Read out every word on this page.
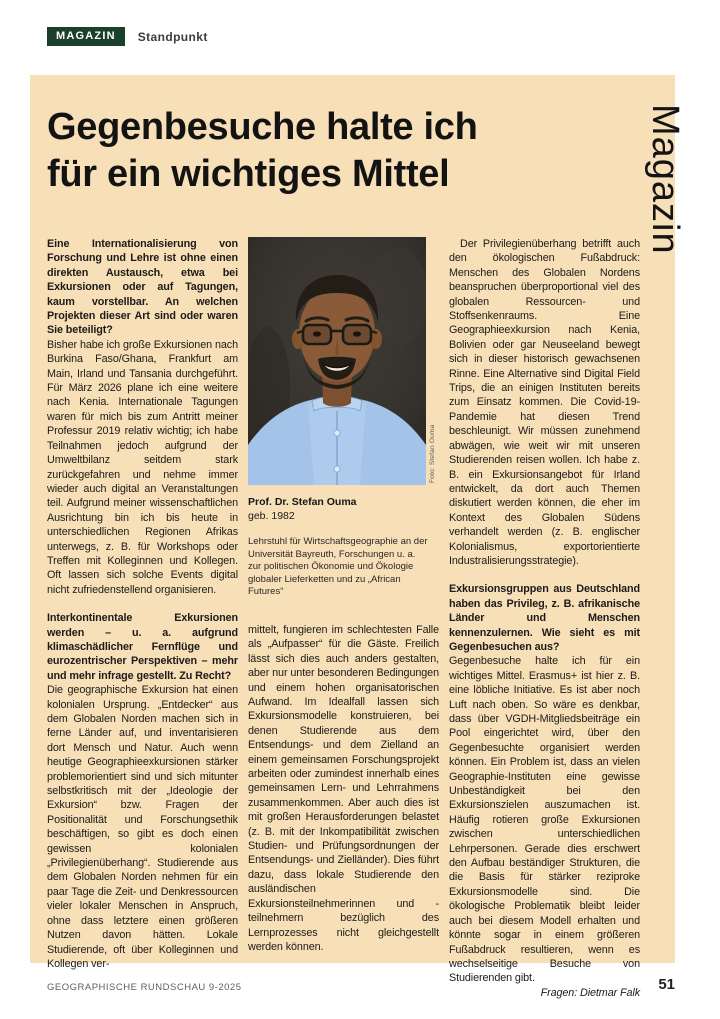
MAGAZIN	Standpunkt
Magazin
Gegenbesuche halte ich
für ein wichtiges Mittel

Eine Internationalisierung von Forschung und Lehre ist ohne einen direkten Austausch, etwa bei Exkursionen oder auf Tagungen, kaum vorstellbar. An welchen Projekten dieser Art sind oder waren Sie beteiligt?

Bisher habe ich große Exkursionen nach Burkina Faso/Ghana, Frankfurt am Main, Irland und Tansania durchgeführt. Für März 2026 plane ich eine weitere nach Kenia. Internationale Tagungen waren für mich bis zum Antritt meiner Professur 2019 relativ wichtig; ich habe Teilnahmen jedoch aufgrund der Umweltbilanz seitdem stark zurückgefahren und nehme immer wieder auch digital an Veranstaltungen teil. Aufgrund meiner wissenschaftlichen Ausrichtung bin ich bis heute in unterschiedlichen Regionen Afrikas unterwegs, z. B. für Workshops oder Treffen mit Kolleginnen und Kollegen. Oft lassen sich solche Events digital nicht zufriedenstellend organisieren.

Interkontinentale Exkursionen werden – u. a. aufgrund klimaschädlicher Fernflüge und eurozentrischer Perspektiven – mehr und mehr infrage gestellt. Zu Recht?

Die geographische Exkursion hat einen kolonialen Ursprung. „Entdecker“ aus dem Globalen Norden machen sich in ferne Länder auf, und inventarisieren dort Mensch und Natur. Auch wenn heutige Geographieexkursionen stärker problemorientiert sind und sich mitunter selbstkritisch mit der „Ideologie der Exkursion“ bzw. Fragen der Positionalität und Forschungsethik beschäftigen, so gibt es doch einen gewissen kolonialen „Privilegienüberhang“. Studierende aus dem Globalen Norden nehmen für ein paar Tage die Zeit- und Denkressourcen vieler lokaler Menschen in Anspruch, ohne dass letztere einen größeren Nutzen davon hätten. Lokale Studierende, oft über Kolleginnen und Kollegen ver-

Foto: Stefan Ouma
Prof. Dr. Stefan Ouma
geb. 1982
Lehrstuhl für Wirtschaftsgeographie an der Universität Bayreuth, Forschungen u. a. zur politischen Ökonomie und Ökologie globaler Lieferketten und zu „African Futures“

mittelt, fungieren im schlechtesten Falle als „Aufpasser“ für die Gäste. Freilich lässt sich dies auch anders gestalten, aber nur unter besonderen Bedingungen und einem hohen organisatorischen Aufwand. Im Idealfall lassen sich Exkursionsmodelle konstruieren, bei denen Studierende aus dem Entsendungs- und dem Zielland an einem gemeinsamen Forschungsprojekt arbeiten oder zumindest innerhalb eines gemeinsamen Lern- und Lehrrahmens zusammenkommen. Aber auch dies ist mit großen Herausforderungen belastet (z. B. mit der Inkompatibilität zwischen Studien- und Prüfungsordnungen der Entsendungs- und Zielländer). Dies führt dazu, dass lokale Studierende den ausländischen Exkursionsteilnehmerinnen und -teilnehmern bezüglich des Lernprozesses nicht gleichgestellt werden können.

Der Privilegienüberhang betrifft auch den ökologischen Fußabdruck: Menschen des Globalen Nordens beanspruchen überproportional viel des globalen Ressourcen- und Stoffsenkenraums. Eine Geographieexkursion nach Kenia, Bolivien oder gar Neuseeland bewegt sich in dieser historisch gewachsenen Rinne. Eine Alternative sind Digital Field Trips, die an einigen Instituten bereits zum Einsatz kommen. Die Covid-19-Pandemie hat diesen Trend beschleunigt. Wir müssen zunehmend abwägen, wie weit wir mit unseren Studierenden reisen wollen. Ich habe z. B. ein Exkursionsangebot für Irland entwickelt, da dort auch Themen diskutiert werden können, die eher im Kontext des Globalen Südens verhandelt werden (z. B. englischer Kolonialismus, exportorientierte Industralisierungsstrategie).

Exkursionsgruppen aus Deutschland haben das Privileg, z. B. afrikanische Länder und Menschen kennenzulernen. Wie sieht es mit Gegenbesuchen aus?

Gegenbesuche halte ich für ein wichtiges Mittel. Erasmus+ ist hier z. B. eine löbliche Initiative. Es ist aber noch Luft nach oben. So wäre es denkbar, dass über VGDH-Mitgliedsbeiträge ein Pool eingerichtet wird, über den Gegenbesuchte organisiert werden können. Ein Problem ist, dass an vielen Geographie-Instituten eine gewisse Unbeständigkeit bei den Exkursionszielen auszumachen ist. Häufig rotieren große Exkursionen zwischen unterschiedlichen Lehrpersonen. Gerade dies erschwert den Aufbau beständiger Strukturen, die die Basis für stärker reziproke Exkursionsmodelle sind. Die ökologische Problematik bleibt leider auch bei diesem Modell erhalten und könnte sogar in einem größeren Fußabdruck resultieren, wenn es wechselseitige Besuche von Studierenden gibt.

Fragen: Dietmar Falk

GEOGRAPHISCHE RUNDSCHAU 9-2025	51
